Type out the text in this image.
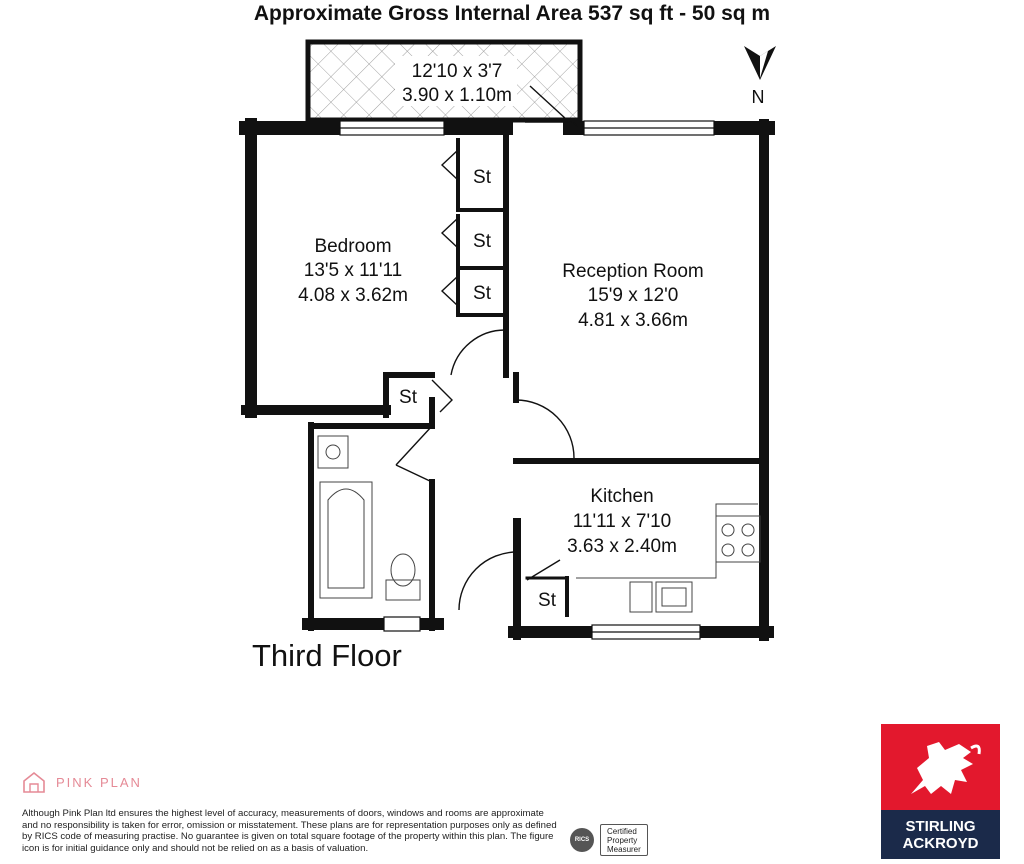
Approximate Gross Internal Area 537 sq ft - 50 sq m
12'10 x 3'7
3.90 x 1.10m
Bedroom
13'5 x 11'11
4.08 x 3.62m
Reception Room
15'9 x 12'0
4.81 x 3.66m
Kitchen
11'11 x 7'10
3.63 x 2.40m
St
St
St
St
St
N
Third Floor
PINK PLAN
Although Pink Plan ltd ensures the highest level of accuracy, measurements of doors, windows and rooms are approximate and no responsibility is taken for error, omission or misstatement. These plans are for representation purposes only as defined by RICS code of measuring practise. No guarantee is given on total square footage of the property within this plan. The figure icon is for initial guidance only and should not be relied on as a basis of valuation.
RICS
Certified
Property
Measurer
STIRLING
ACKROYD
